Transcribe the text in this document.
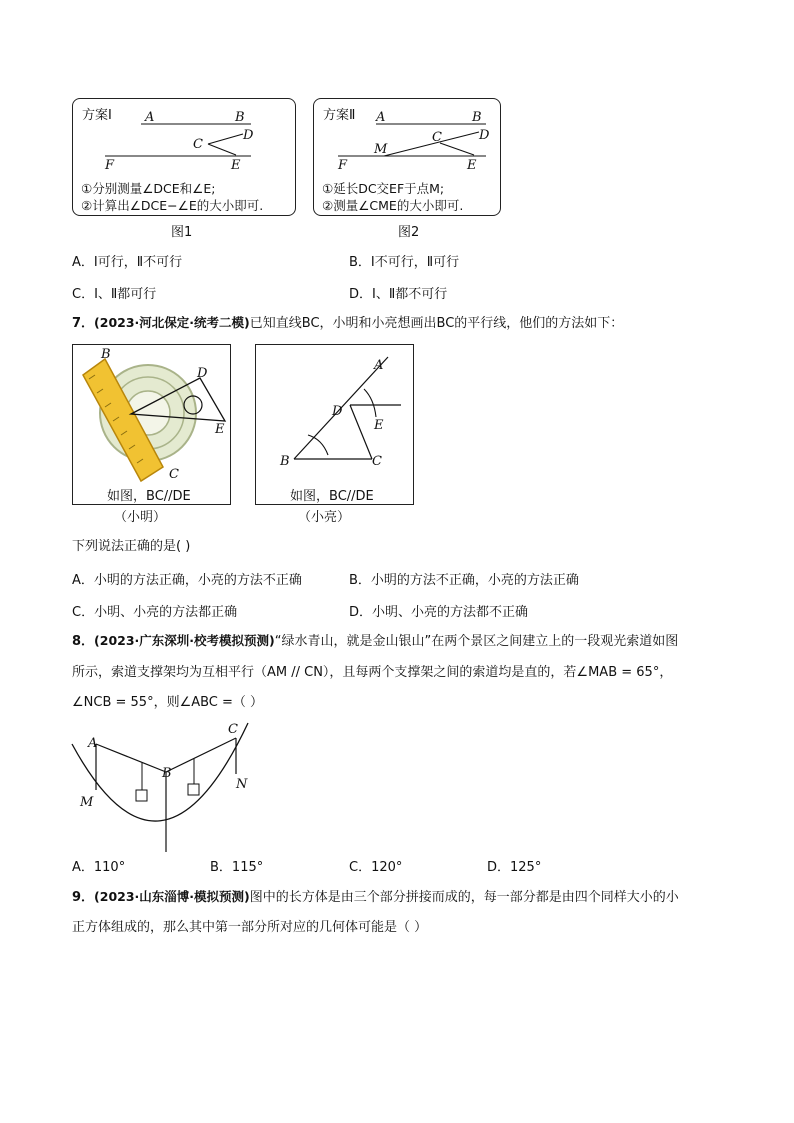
方案Ⅰ	A	B
C
D
E
F
①分别测量∠DCE和∠E;
②计算出∠DCE−∠E的大小即可.
图1
方案Ⅱ A	B
C	D
E
F
M
①延长DC交EF于点M;
②测量∠CME的大小即可.
图2
A．Ⅰ可行，Ⅱ不可行	B．Ⅰ不可行，Ⅱ可行
C．Ⅰ、Ⅱ都可行	D．Ⅰ、Ⅱ都不可行
7．(2023·河北保定·统考二模)已知直线BC，小明和小亮想画出BC的平行线，他们的方法如下：
B
D
E
C
如图，BC//DE
（小明）
A
D
E
B	C
如图，BC//DE
（小亮）
下列说法正确的是( )
A．小明的方法正确，小亮的方法不正确	B．小明的方法不正确，小亮的方法正确
C．小明、小亮的方法都正确	D．小明、小亮的方法都不正确
8．(2023·广东深圳·校考模拟预测)“绿水青山，就是金山银山”在两个景区之间建立上的一段观光索道如图
所示，索道支撑架均为互相平行（AM // CN），且每两个支撑架之间的索道均是直的，若∠MAB = 65°，
∠NCB = 55°，则∠ABC =（ ）
A
C
B
M
N
A．110°	B．115°	C．120°	D．125°
9．(2023·山东淄博·模拟预测)图中的长方体是由三个部分拼接而成的，每一部分都是由四个同样大小的小
正方体组成的，那么其中第一部分所对应的几何体可能是（ ）
